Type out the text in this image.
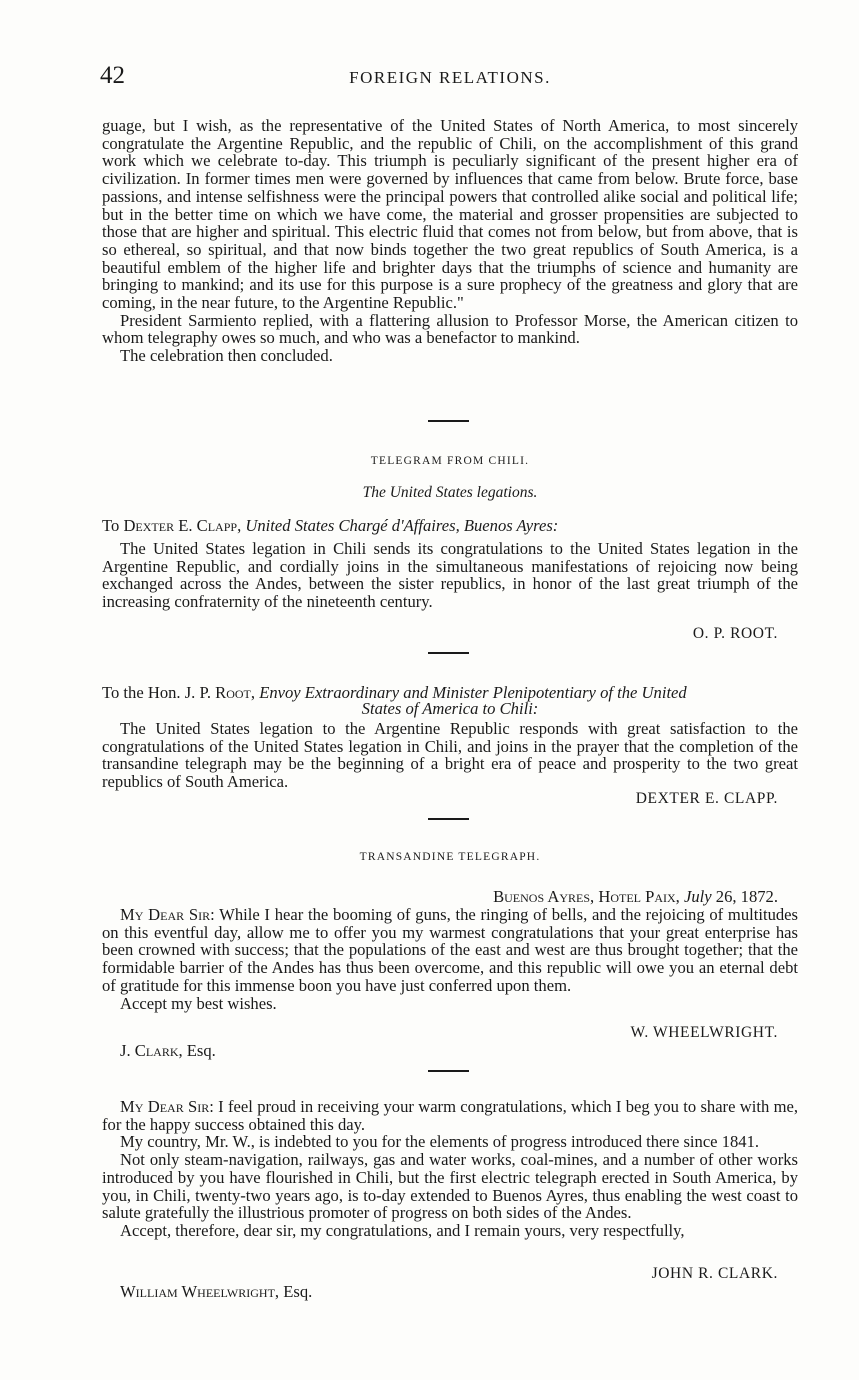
42	FOREIGN RELATIONS.

guage, but I wish, as the representative of the United States of North America, to most sincerely congratulate the Argentine Republic, and the republic of Chili, on the accomplishment of this grand work which we celebrate to-day. This triumph is peculiarly significant of the present higher era of civilization. In former times men were governed by influences that came from below. Brute force, base passions, and intense selfishness were the principal powers that controlled alike social and political life; but in the better time on which we have come, the material and grosser propensities are subjected to those that are higher and spiritual. This electric fluid that comes not from below, but from above, that is so ethereal, so spiritual, and that now binds together the two great republics of South America, is a beautiful emblem of the higher life and brighter days that the triumphs of science and humanity are bringing to mankind; and its use for this purpose is a sure prophecy of the greatness and glory that are coming, in the near future, to the Argentine Republic."

President Sarmiento replied, with a flattering allusion to Professor Morse, the American citizen to whom telegraphy owes so much, and who was a benefactor to mankind.

The celebration then concluded.

TELEGRAM FROM CHILI.
The United States legations.
To Dexter E. Clapp, United States Chargé d'Affaires, Buenos Ayres:

The United States legation in Chili sends its congratulations to the United States legation in the Argentine Republic, and cordially joins in the simultaneous manifestations of rejoicing now being exchanged across the Andes, between the sister republics, in honor of the last great triumph of the increasing confraternity of the nineteenth century.

O. P. ROOT.
To the Hon. J. P. Root, Envoy Extraordinary and Minister Plenipotentiary of the United
States of America to Chili:

The United States legation to the Argentine Republic responds with great satisfaction to the congratulations of the United States legation in Chili, and joins in the prayer that the completion of the transandine telegraph may be the beginning of a bright era of peace and prosperity to the two great republics of South America.

DEXTER E. CLAPP.
TRANSANDINE TELEGRAPH.
Buenos Ayres, Hotel Paix, July 26, 1872.

My Dear Sir: While I hear the booming of guns, the ringing of bells, and the rejoicing of multitudes on this eventful day, allow me to offer you my warmest congratulations that your great enterprise has been crowned with success; that the populations of the east and west are thus brought together; that the formidable barrier of the Andes has thus been overcome, and this republic will owe you an eternal debt of gratitude for this immense boon you have just conferred upon them.

Accept my best wishes.

W. WHEELWRIGHT.
J. Clark, Esq.

My Dear Sir: I feel proud in receiving your warm congratulations, which I beg you to share with me, for the happy success obtained this day.

My country, Mr. W., is indebted to you for the elements of progress introduced there since 1841.

Not only steam-navigation, railways, gas and water works, coal-mines, and a number of other works introduced by you have flourished in Chili, but the first electric telegraph erected in South America, by you, in Chili, twenty-two years ago, is to-day extended to Buenos Ayres, thus enabling the west coast to salute gratefully the illustrious promoter of progress on both sides of the Andes.

Accept, therefore, dear sir, my congratulations, and I remain yours, very respectfully,

JOHN R. CLARK.
William Wheelwright, Esq.
